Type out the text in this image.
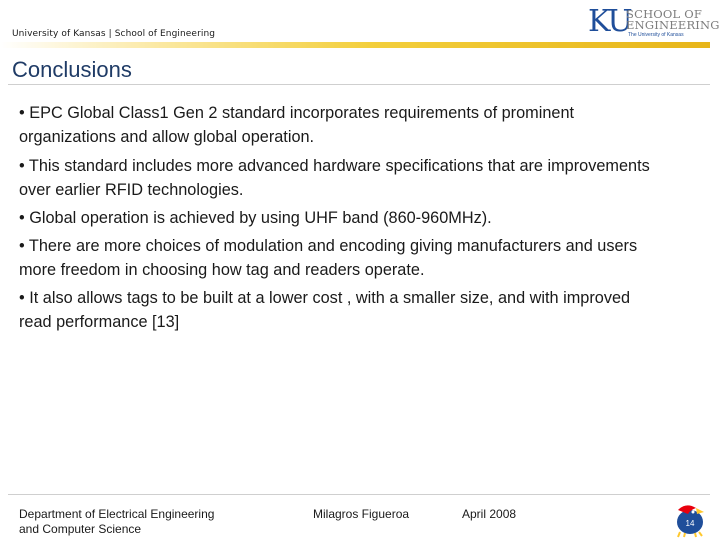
University of Kansas | School of Engineering	KU
SCHOOL OF
ENGINEERING
The University of Kansas
Conclusions
• EPC Global Class1 Gen 2 standard incorporates requirements of prominent organizations and allow global operation.
• This standard includes more advanced hardware specifications that are improvements over earlier RFID technologies.
• Global operation is achieved by using UHF band (860-960MHz).
• There are more choices of modulation and encoding giving manufacturers and users more freedom in choosing how tag and readers operate.
• It also allows tags to be built at a lower cost , with a smaller size, and with improved read performance [13]
Department of Electrical Engineering
and Computer Science
Milagros Figueroa	April 2008
14
